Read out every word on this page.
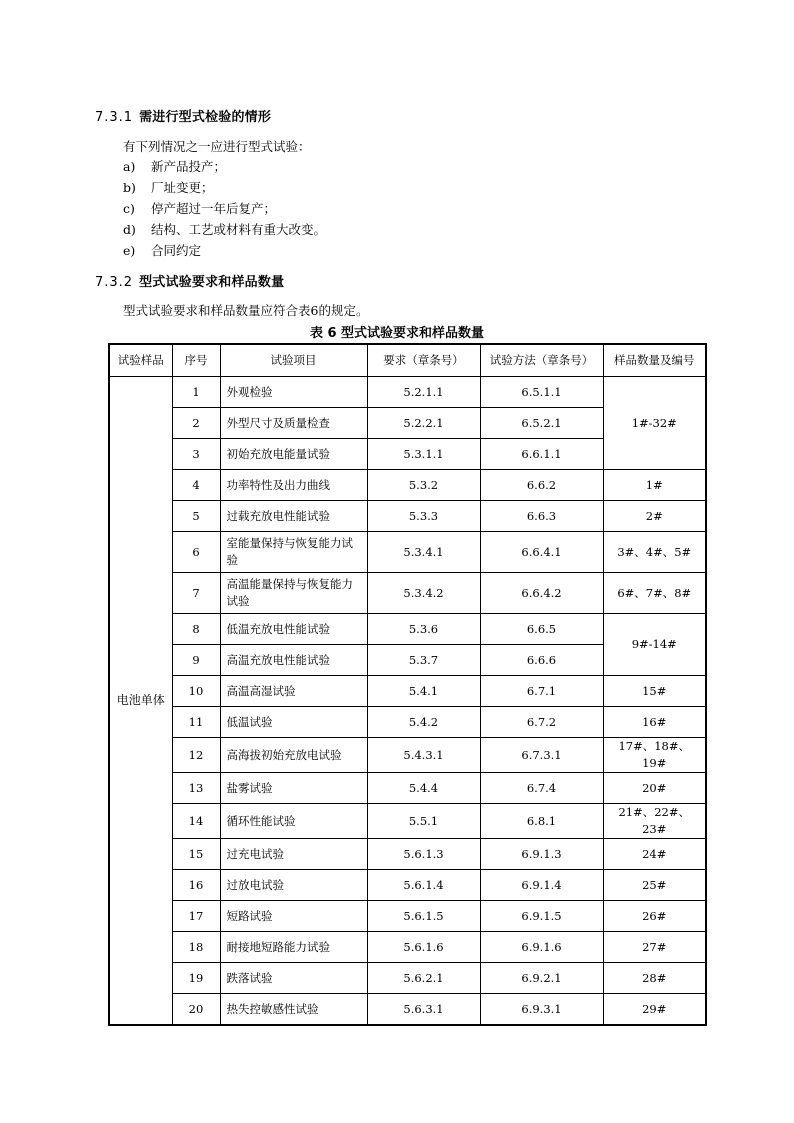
7.3.1 需进行型式检验的情形
有下列情况之一应进行型式试验：
a) 新产品投产；
b) 厂址变更；
c) 停产超过一年后复产；
d) 结构、工艺或材料有重大改变。
e) 合同约定
7.3.2 型式试验要求和样品数量
型式试验要求和样品数量应符合表6的规定。
表 6 型式试验要求和样品数量
试验样品	序号	试验项目	要求（章条号）	试验方法（章条号）	样品数量及编号
电池单体	1	外观检验	5.2.1.1	6.5.1.1	1#-32#
	2	外型尺寸及质量检查	5.2.2.1	6.5.2.1	
	3	初始充放电能量试验	5.3.1.1	6.6.1.1	
	4	功率特性及出力曲线	5.3.2	6.6.2	1#
	5	过载充放电性能试验	5.3.3	6.6.3	2#
	6	室能量保持与恢复能力试验	5.3.4.1	6.6.4.1	3#、4#、5#
	7	高温能量保持与恢复能力试验	5.3.4.2	6.6.4.2	6#、7#、8#
	8	低温充放电性能试验	5.3.6	6.6.5	9#-14#
	9	高温充放电性能试验	5.3.7	6.6.6	
	10	高温高湿试验	5.4.1	6.7.1	15#
	11	低温试验	5.4.2	6.7.2	16#
	12	高海拔初始充放电试验	5.4.3.1	6.7.3.1	17#、18#、19#
	13	盐雾试验	5.4.4	6.7.4	20#
	14	循环性能试验	5.5.1	6.8.1	21#、22#、23#
	15	过充电试验	5.6.1.3	6.9.1.3	24#
	16	过放电试验	5.6.1.4	6.9.1.4	25#
	17	短路试验	5.6.1.5	6.9.1.5	26#
	18	耐接地短路能力试验	5.6.1.6	6.9.1.6	27#
	19	跌落试验	5.6.2.1	6.9.2.1	28#
	20	热失控敏感性试验	5.6.3.1	6.9.3.1	29#
